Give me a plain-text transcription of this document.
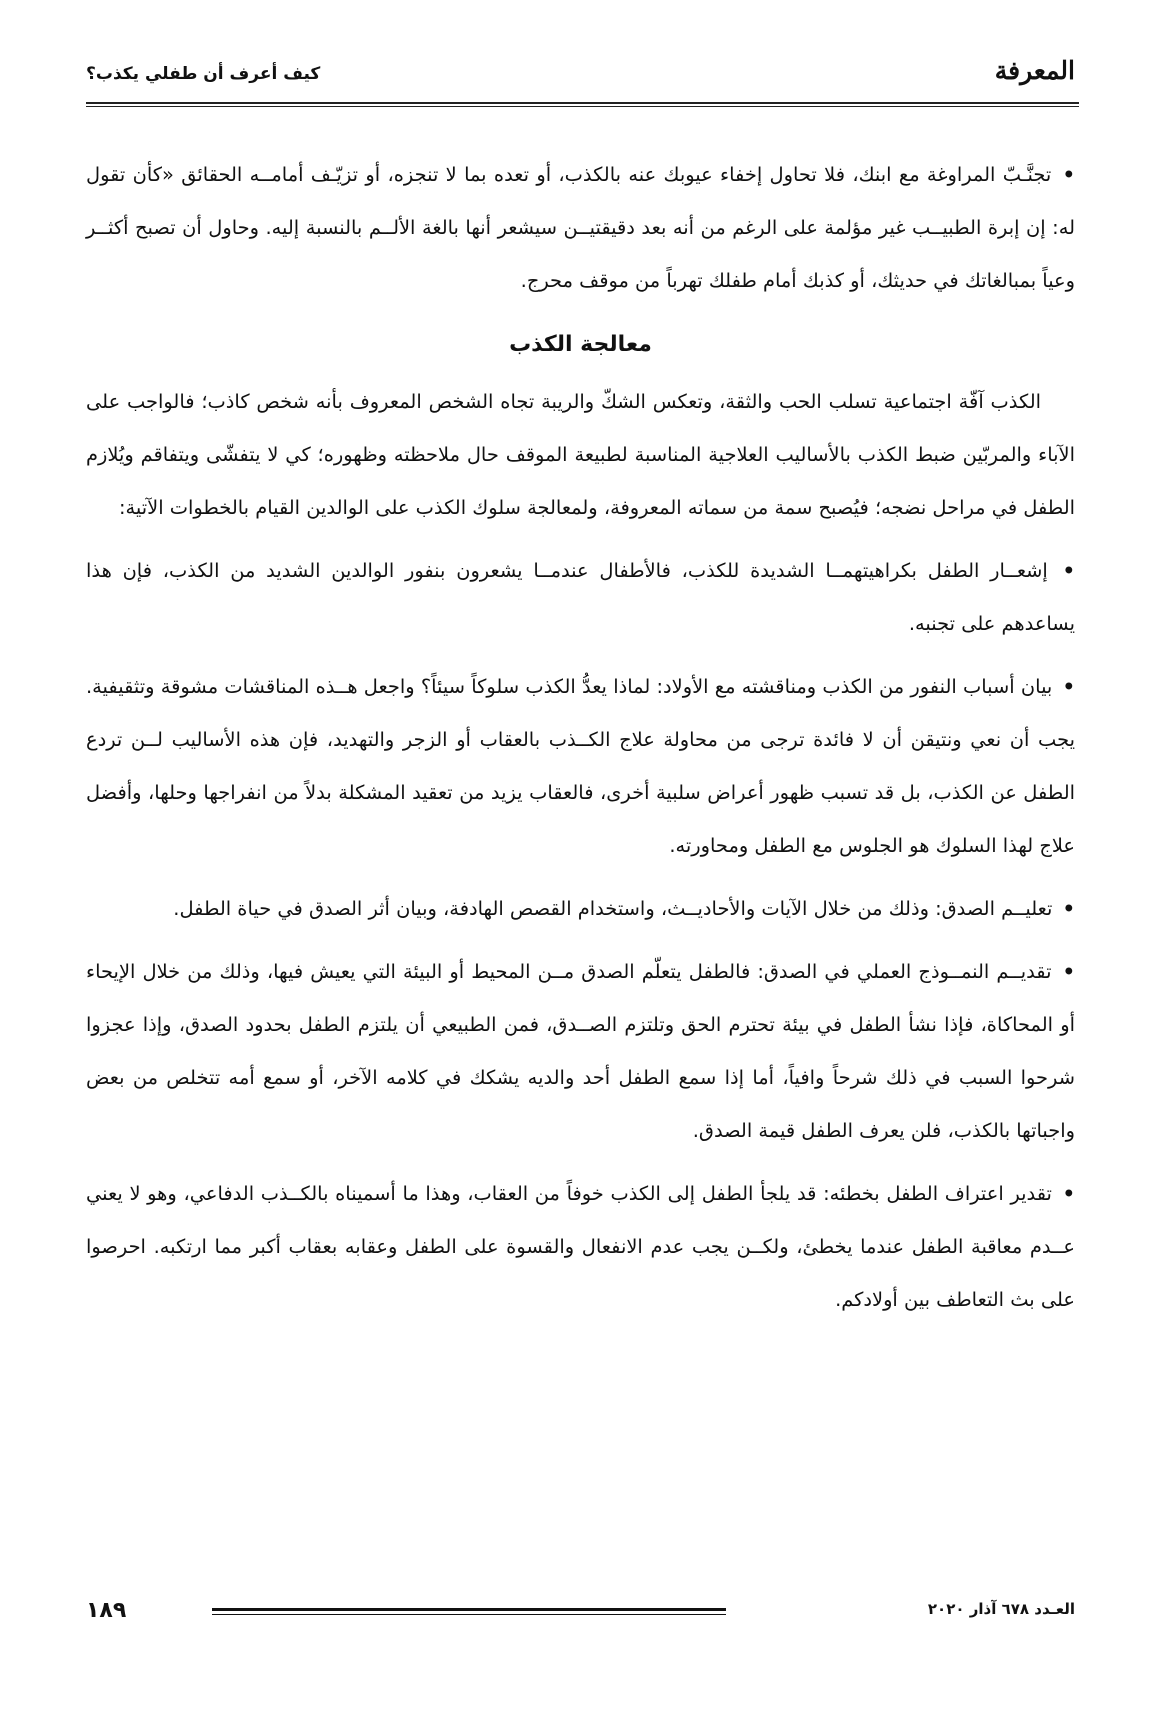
كيف أعرف أن طفلي يكذب؟	المعرفة

• تجنَّـبّ المراوغة مع ابنك، فلا تحاول إخفاء عيوبك عنه بالكذب، أو تعده بما لا تنجزه، أو تزيّـف أمامــه الحقائق «كأن تقول له: إن إبرة الطبيــب غير مؤلمة على الرغم من أنه بعد دقيقتيــن سيشعر أنها بالغة الألــم بالنسبة إليه. وحاول أن تصبح أكثــر وعياً بمبالغاتك في حديثك، أو كذبك أمام طفلك تهرباً من موقف محرج.

معالجة الكذب

الكذب آفّة اجتماعية تسلب الحب والثقة، وتعكس الشكّ والريبة تجاه الشخص المعروف بأنه شخص كاذب؛ فالواجب على الآباء والمربّين ضبط الكذب بالأساليب العلاجية المناسبة لطبيعة الموقف حال ملاحظته وظهوره؛ كي لا يتفشّى ويتفاقم ويُلازم الطفل في مراحل نضجه؛ فيُصبح سمة من سماته المعروفة، ولمعالجة سلوك الكذب على الوالدين القيام بالخطوات الآتية:

• إشعــار الطفل بكراهيتهمــا الشديدة للكذب، فالأطفال عندمــا يشعرون بنفور الوالدين الشديد من الكذب، فإن هذا يساعدهم على تجنبه.

• بيان أسباب النفور من الكذب ومناقشته مع الأولاد: لماذا يعدُّ الكذب سلوكاً سيئاً؟ واجعل هــذه المناقشات مشوقة وتثقيفية. يجب أن نعي ونتيقن أن لا فائدة ترجى من محاولة علاج الكــذب بالعقاب أو الزجر والتهديد، فإن هذه الأساليب لــن تردع الطفل عن الكذب، بل قد تسبب ظهور أعراض سلبية أخرى، فالعقاب يزيد من تعقيد المشكلة بدلاً من انفراجها وحلها، وأفضل علاج لهذا السلوك هو الجلوس مع الطفل ومحاورته.

• تعليــم الصدق: وذلك من خلال الآيات والأحاديــث، واستخدام القصص الهادفة، وبيان أثر الصدق في حياة الطفل.

• تقديــم النمــوذج العملي في الصدق: فالطفل يتعلّم الصدق مــن المحيط أو البيئة التي يعيش فيها، وذلك من خلال الإيحاء أو المحاكاة، فإذا نشأ الطفل في بيئة تحترم الحق وتلتزم الصــدق، فمن الطبيعي أن يلتزم الطفل بحدود الصدق، وإذا عجزوا شرحوا السبب في ذلك شرحاً وافياً، أما إذا سمع الطفل أحد والديه يشكك في كلامه الآخر، أو سمع أمه تتخلص من بعض واجباتها بالكذب، فلن يعرف الطفل قيمة الصدق.

• تقدير اعتراف الطفل بخطئه: قد يلجأ الطفل إلى الكذب خوفاً من العقاب، وهذا ما أسميناه بالكــذب الدفاعي، وهو لا يعني عــدم معاقبة الطفل عندما يخطئ، ولكــن يجب عدم الانفعال والقسوة على الطفل وعقابه بعقاب أكبر مما ارتكبه. احرصوا على بث التعاطف بين أولادكم.

١٨٩	العـدد ٦٧٨ آذار ٢٠٢٠
